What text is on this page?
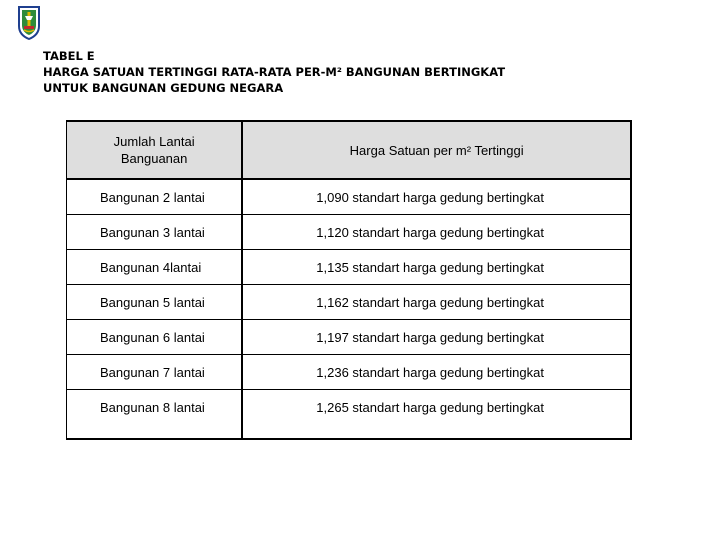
TABEL E
HARGA SATUAN TERTINGGI RATA-RATA PER-M² BANGUNAN BERTINGKAT
UNTUK BANGUNAN GEDUNG NEGARA
Jumlah Lantai Banguanan	Harga Satuan per m² Tertinggi
Bangunan 2 lantai	1,090 standart harga gedung bertingkat
Bangunan 3 lantai	1,120 standart harga gedung bertingkat
Bangunan 4lantai	1,135 standart harga gedung bertingkat
Bangunan 5 lantai	1,162 standart harga gedung bertingkat
Bangunan 6 lantai	1,197 standart harga gedung bertingkat
Bangunan 7 lantai	1,236 standart harga gedung bertingkat
Bangunan 8 lantai	1,265 standart harga gedung bertingkat
